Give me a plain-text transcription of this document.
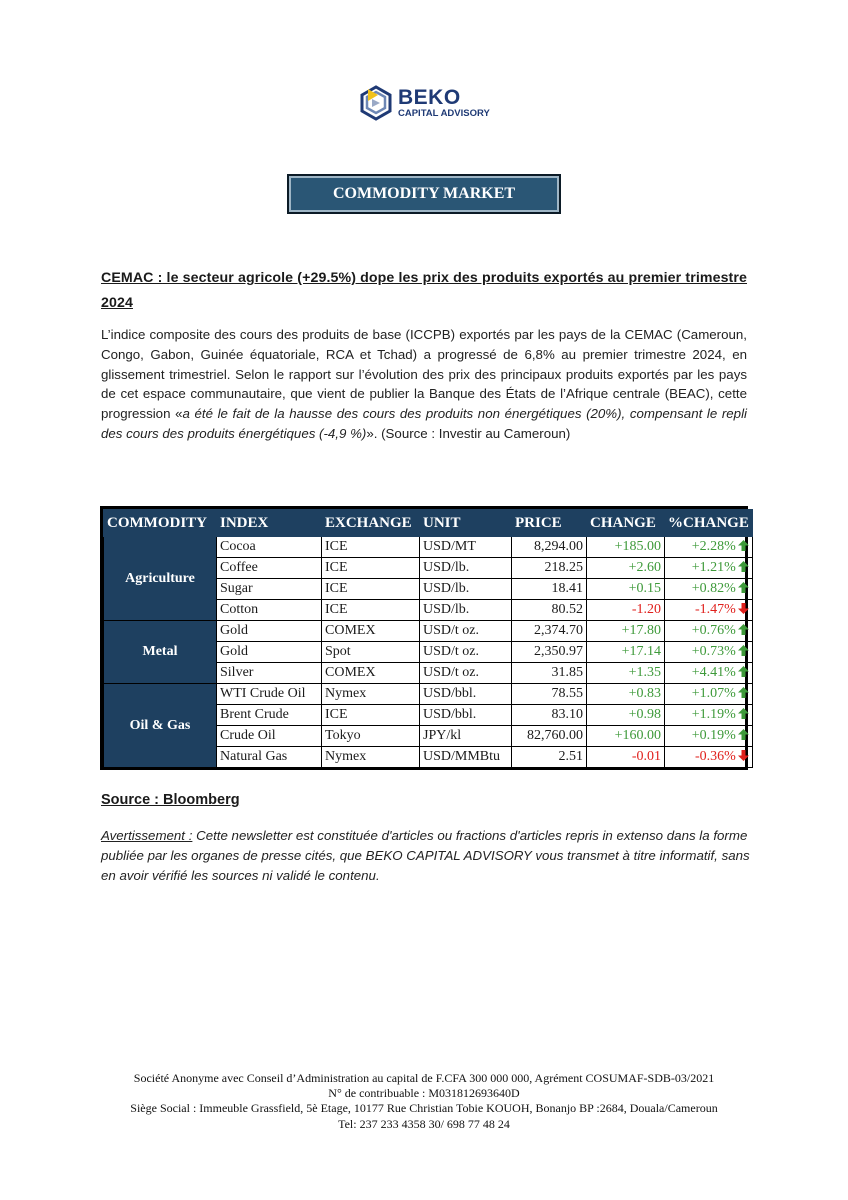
BEKO
CAPITAL ADVISORY
COMMODITY MARKET
CEMAC : le secteur agricole (+29.5%) dope les prix des produits exportés au premier trimestre 2024
L’indice composite des cours des produits de base (ICCPB) exportés par les pays de la CEMAC (Cameroun, Congo, Gabon, Guinée équatoriale, RCA et Tchad) a progressé de 6,8% au premier trimestre 2024, en glissement trimestriel. Selon le rapport sur l’évolution des prix des principaux produits exportés par les pays de cet espace communautaire, que vient de publier la Banque des États de l’Afrique centrale (BEAC), cette progression «a été le fait de la hausse des cours des produits non énergétiques (20%), compensant le repli des cours des produits énergétiques (-4,9 %)». (Source : Investir au Cameroun)
COMMODITY	INDEX	EXCHANGE	UNIT	PRICE	CHANGE	%CHANGE
Agriculture	Cocoa	ICE	USD/MT	8,294.00	+185.00	+2.28%
	Coffee	ICE	USD/lb.	218.25	+2.60	+1.21%
	Sugar	ICE	USD/lb.	18.41	+0.15	+0.82%
	Cotton	ICE	USD/lb.	80.52	-1.20	-1.47%
Metal	Gold	COMEX	USD/t oz.	2,374.70	+17.80	+0.76%
	Gold	Spot	USD/t oz.	2,350.97	+17.14	+0.73%
	Silver	COMEX	USD/t oz.	31.85	+1.35	+4.41%
Oil & Gas	WTI Crude Oil	Nymex	USD/bbl.	78.55	+0.83	+1.07%
	Brent Crude	ICE	USD/bbl.	83.10	+0.98	+1.19%
	Crude Oil	Tokyo	JPY/kl	82,760.00	+160.00	+0.19%
	Natural Gas	Nymex	USD/MMBtu	2.51	-0.01	-0.36%
Source : Bloomberg
Avertissement : Cette newsletter est constituée d'articles ou fractions d'articles repris in extenso dans la forme publiée par les organes de presse cités, que BEKO CAPITAL ADVISORY vous transmet à titre informatif, sans en avoir vérifié les sources ni validé le contenu.
Société Anonyme avec Conseil d’Administration au capital de F.CFA 300 000 000, Agrément COSUMAF-SDB-03/2021
N° de contribuable : M031812693640D
Siège Social : Immeuble Grassfield, 5è Etage, 10177 Rue Christian Tobie KOUOH, Bonanjo BP :2684, Douala/Cameroun
Tel: 237 233 4358 30/ 698 77 48 24
